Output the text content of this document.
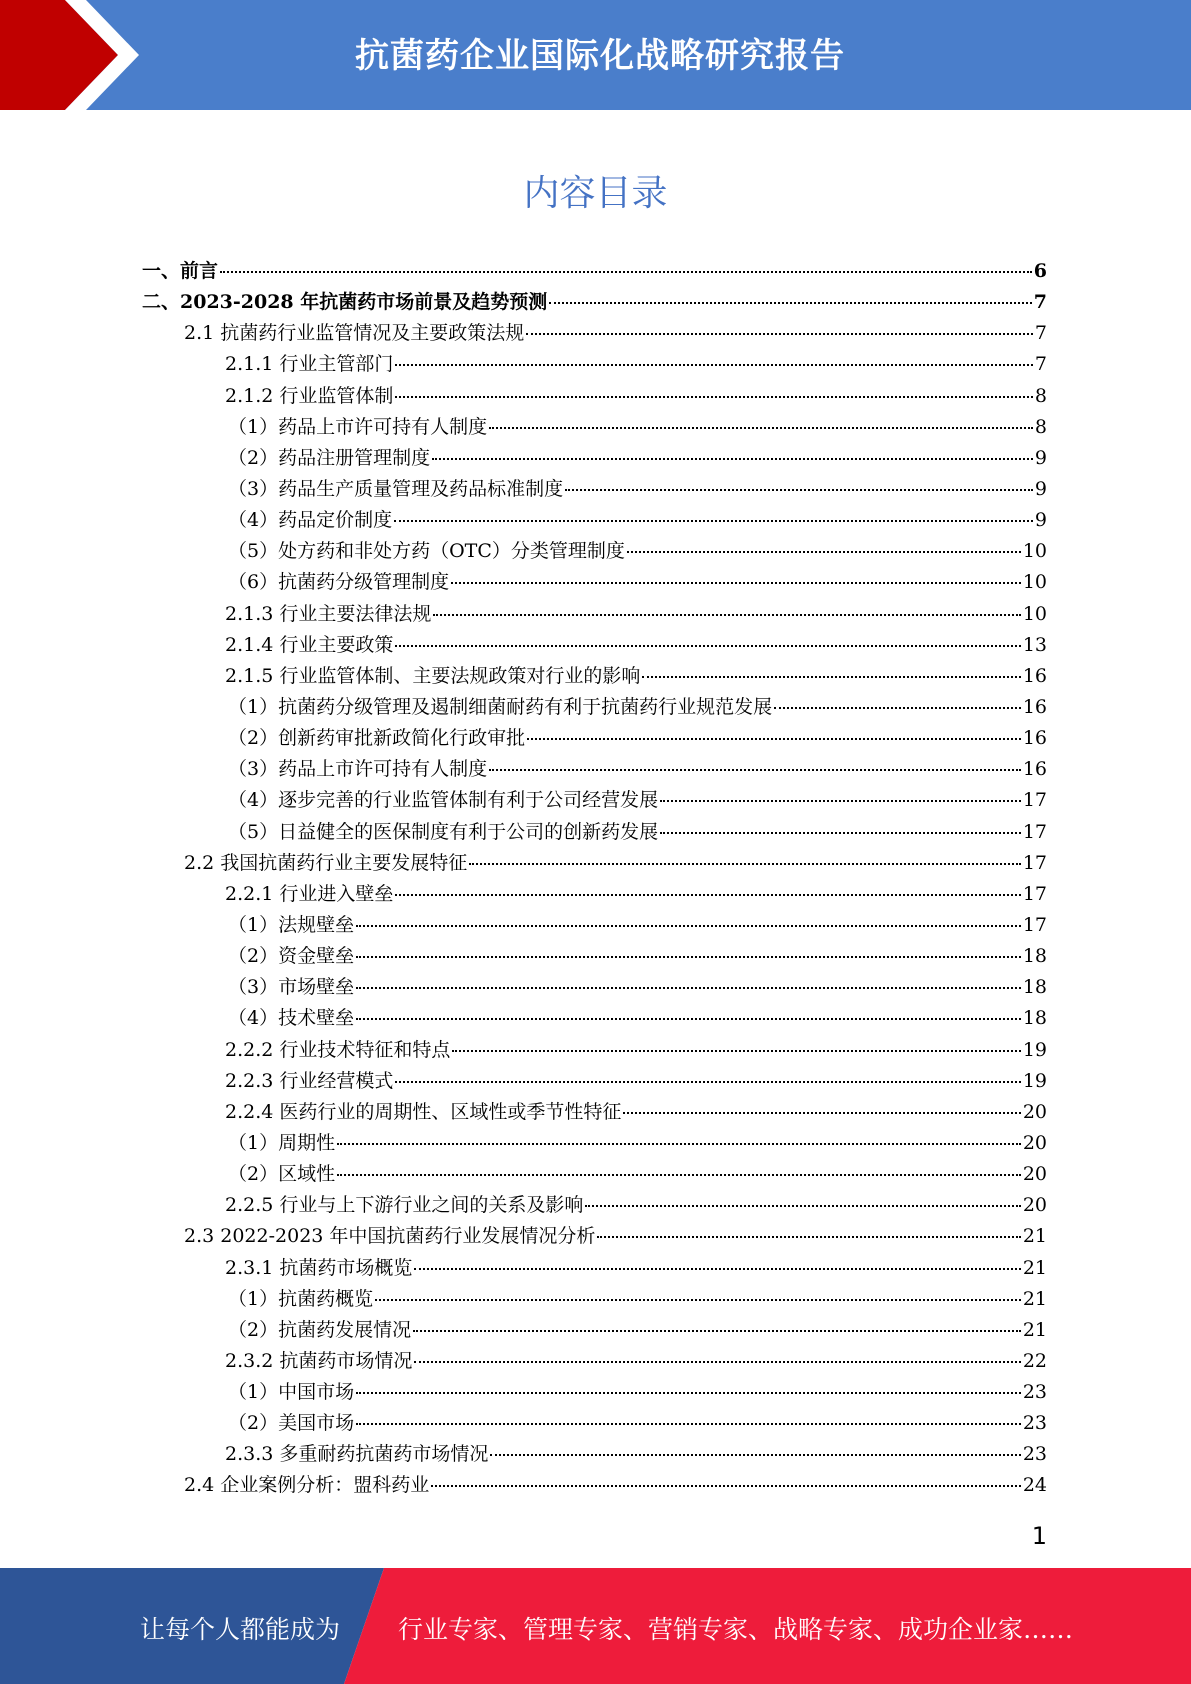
抗菌药企业国际化战略研究报告
内容目录
一、前言	6
二、2023-2028 年抗菌药市场前景及趋势预测	7
2.1 抗菌药行业监管情况及主要政策法规	7
2.1.1 行业主管部门	7
2.1.2 行业监管体制	8
（1）药品上市许可持有人制度	8
（2）药品注册管理制度	9
（3）药品生产质量管理及药品标准制度	9
（4）药品定价制度	9
（5）处方药和非处方药（OTC）分类管理制度	10
（6）抗菌药分级管理制度	10
2.1.3 行业主要法律法规	10
2.1.4 行业主要政策	13
2.1.5 行业监管体制、主要法规政策对行业的影响	16
（1）抗菌药分级管理及遏制细菌耐药有利于抗菌药行业规范发展	16
（2）创新药审批新政简化行政审批	16
（3）药品上市许可持有人制度	16
（4）逐步完善的行业监管体制有利于公司经营发展	17
（5）日益健全的医保制度有利于公司的创新药发展	17
2.2 我国抗菌药行业主要发展特征	17
2.2.1 行业进入壁垒	17
（1）法规壁垒	17
（2）资金壁垒	18
（3）市场壁垒	18
（4）技术壁垒	18
2.2.2 行业技术特征和特点	19
2.2.3 行业经营模式	19
2.2.4 医药行业的周期性、区域性或季节性特征	20
（1）周期性	20
（2）区域性	20
2.2.5 行业与上下游行业之间的关系及影响	20
2.3 2022-2023 年中国抗菌药行业发展情况分析	21
2.3.1 抗菌药市场概览	21
（1）抗菌药概览	21
（2）抗菌药发展情况	21
2.3.2 抗菌药市场情况	22
（1）中国市场	23
（2）美国市场	23
2.3.3 多重耐药抗菌药市场情况	23
2.4 企业案例分析：盟科药业	24
1
让每个人都能成为 行业专家、管理专家、营销专家、战略专家、成功企业家……
